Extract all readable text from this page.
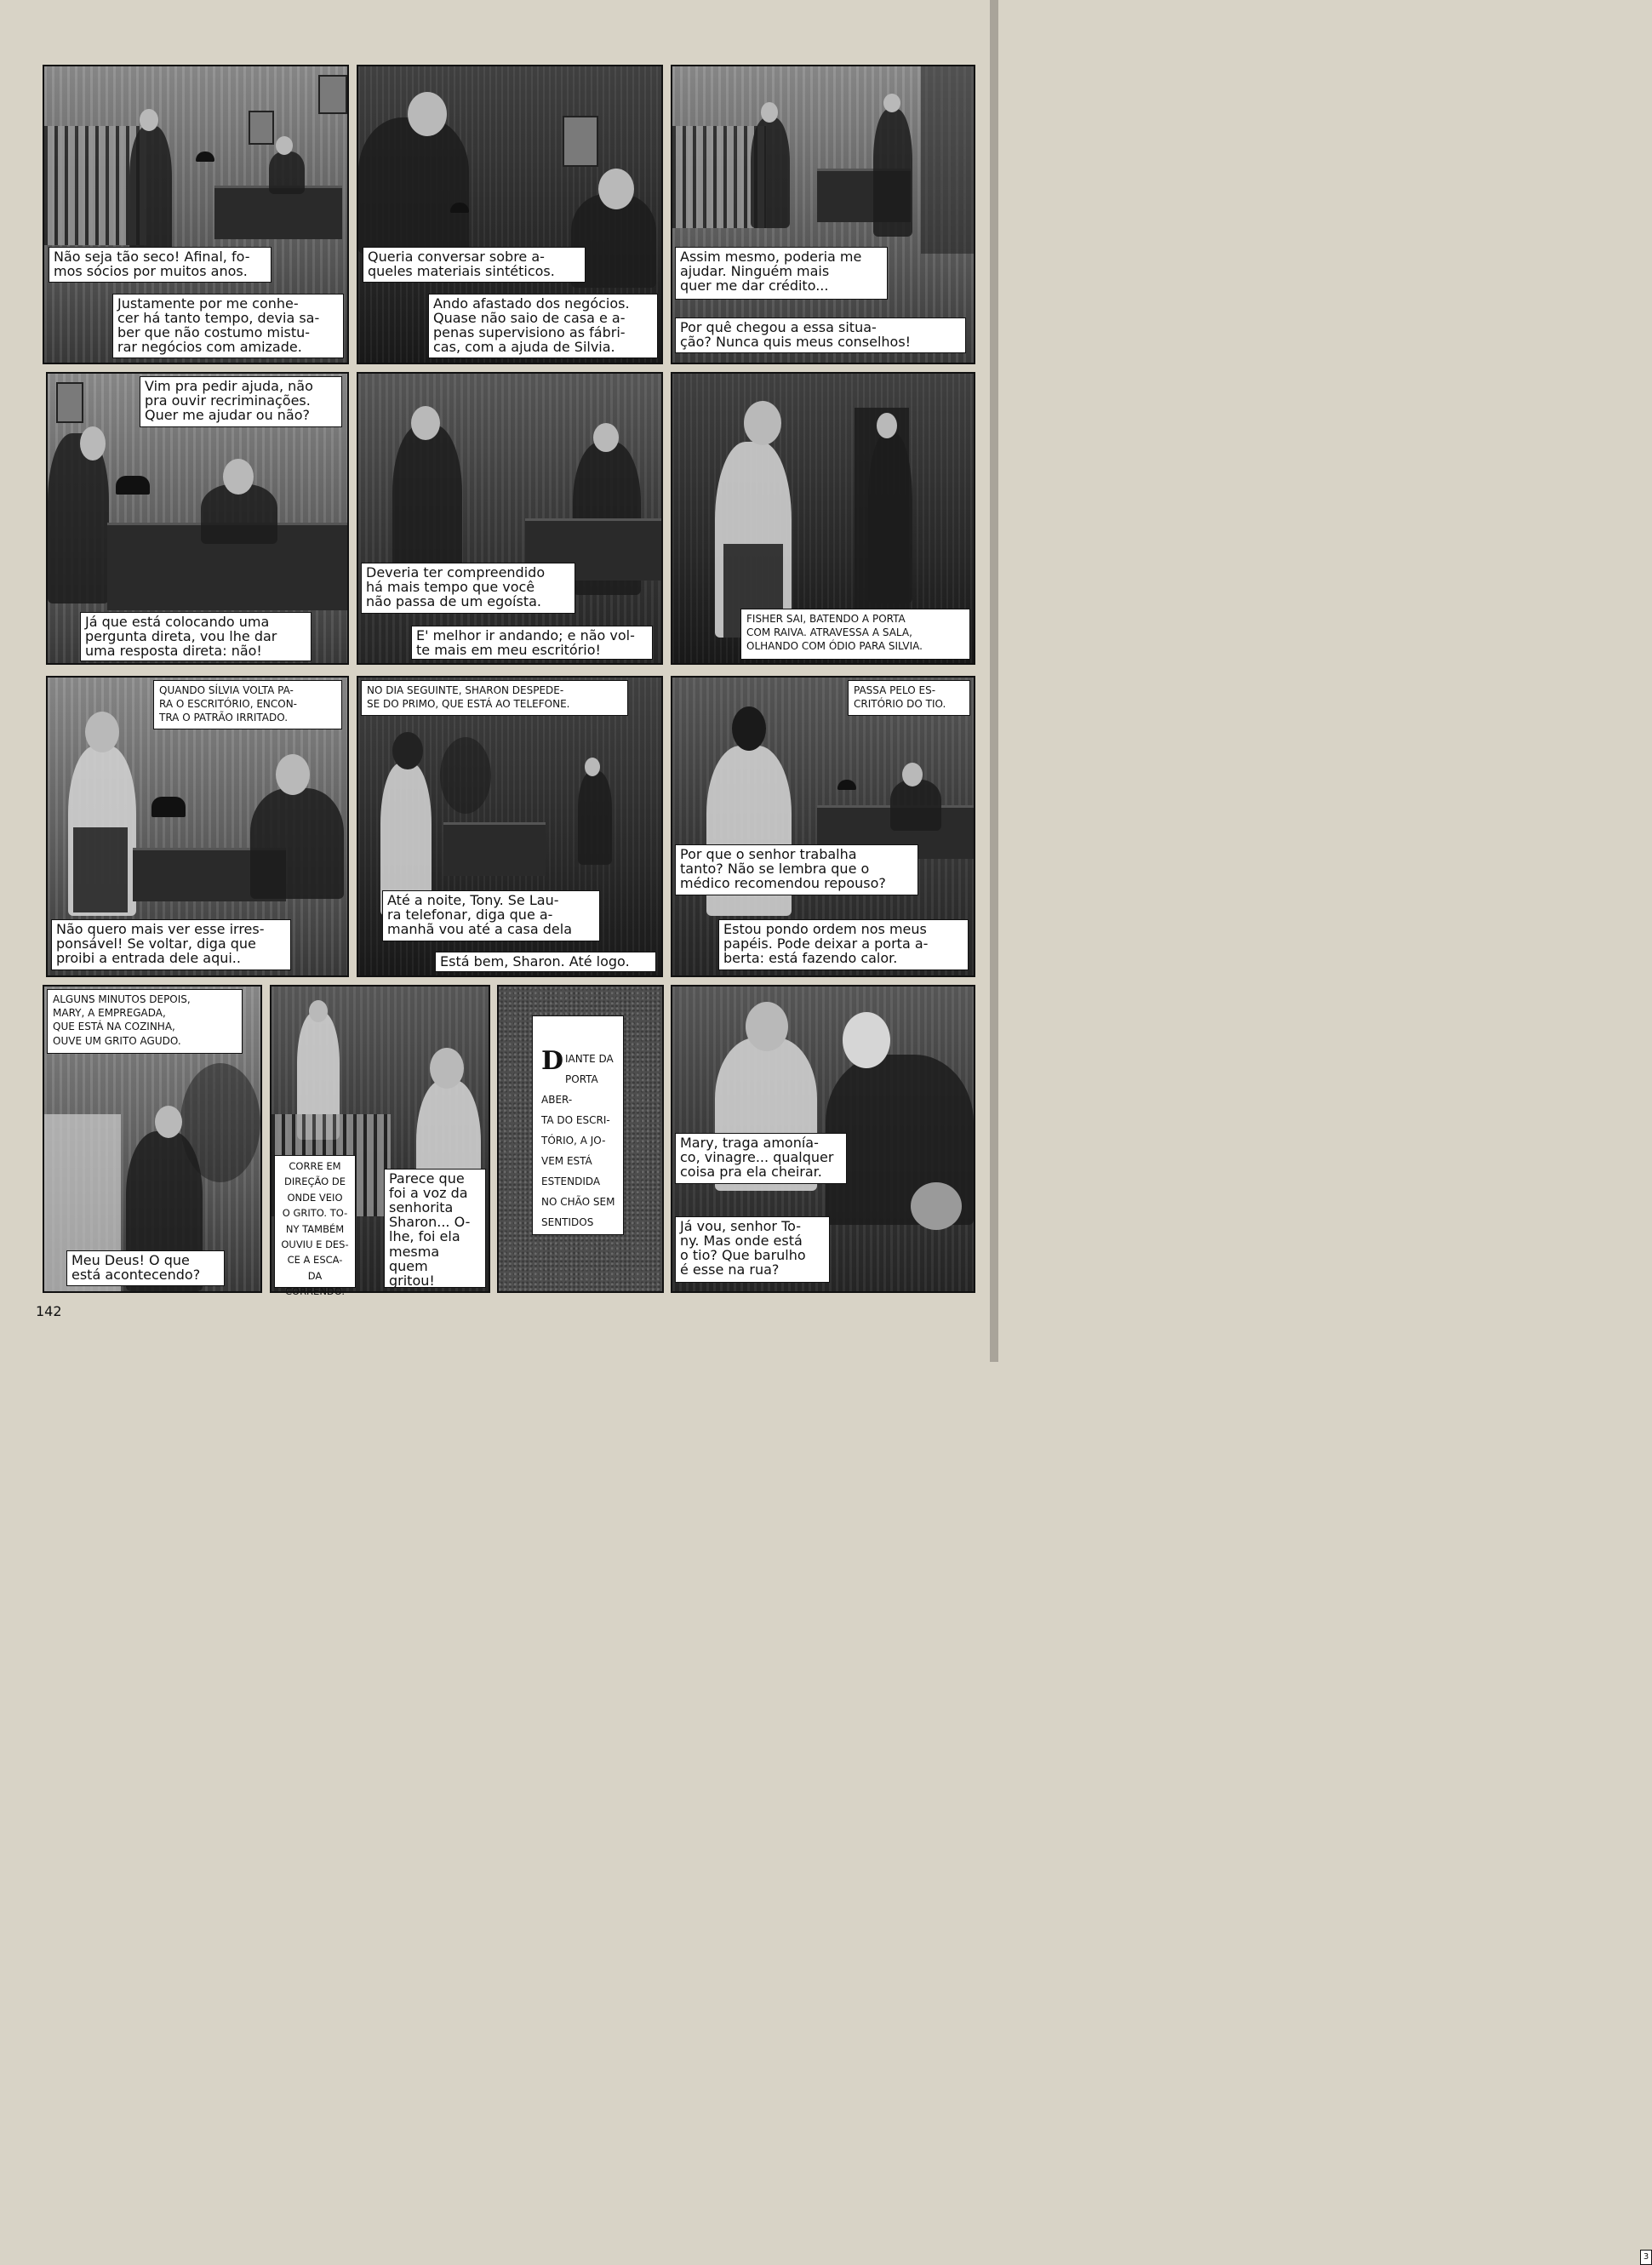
Não seja tão seco! Afinal, fo-
mos sócios por muitos anos.
Justamente por me conhe-
cer há tanto tempo, devia sa-
ber que não costumo mistu-
rar negócios com amizade.
Queria conversar sobre a-
queles materiais sintéticos.
Ando afastado dos negócios.
Quase não saio de casa e a-
penas supervisiono as fábri-
cas, com a ajuda de Silvia.
Assim mesmo, poderia me
ajudar. Ninguém mais
quer me dar crédito...
Por quê chegou a essa situa-
ção? Nunca quis meus conselhos!
Vim pra pedir ajuda, não
pra ouvir recriminações.
Quer me ajudar ou não?
Já que está colocando uma
pergunta direta, vou lhe dar
uma resposta direta: não!
Deveria ter compreendido
há mais tempo que você
não passa de um egoísta.
E' melhor ir andando; e não vol-
te mais em meu escritório!
FISHER SAI, BATENDO A PORTA
COM RAIVA. ATRAVESSA A SALA,
OLHANDO COM ÓDIO PARA SILVIA.
QUANDO SÍLVIA VOLTA PA-
RA O ESCRITÓRIO, ENCON-
TRA O PATRÃO IRRITADO.
Não quero mais ver esse irres-
ponsável! Se voltar, diga que
proibi a entrada dele aqui..
NO DIA SEGUINTE, SHARON DESPEDE-
SE DO PRIMO, QUE ESTÁ AO TELEFONE.
Até a noite, Tony. Se Lau-
ra telefonar, diga que a-
manhã vou até a casa dela
Está bem, Sharon. Até logo.
PASSA PELO ES-
CRITÓRIO DO TIO.
Por que o senhor trabalha
tanto? Não se lembra que o
médico recomendou repouso?
Estou pondo ordem nos meus
papéis. Pode deixar a porta a-
berta: está fazendo calor.
ALGUNS MINUTOS DEPOIS,
MARY, A EMPREGADA,
QUE ESTÁ NA COZINHA,
OUVE UM GRITO AGUDO.
Meu Deus! O que
está acontecendo?
CORRE EM
DIREÇÃO DE
ONDE VEIO
O GRITO. TO-
NY TAMBÉM
OUVIU E DES-
CE A ESCA-
DA CORRENDO.
Parece que
foi a voz da
senhorita
Sharon... O-
lhe, foi ela
mesma quem
gritou!

DIANTE DA
PORTA ABER-
TA DO ESCRI-
TÓRIO, A JO-
VEM ESTÁ
ESTENDIDA
NO CHÃO SEM
SENTIDOS

Mary, traga amonía-
co, vinagre... qualquer
coisa pra ela cheirar.
Já vou, senhor To-
ny. Mas onde está
o tio? Que barulho
é esse na rua?
3
142
